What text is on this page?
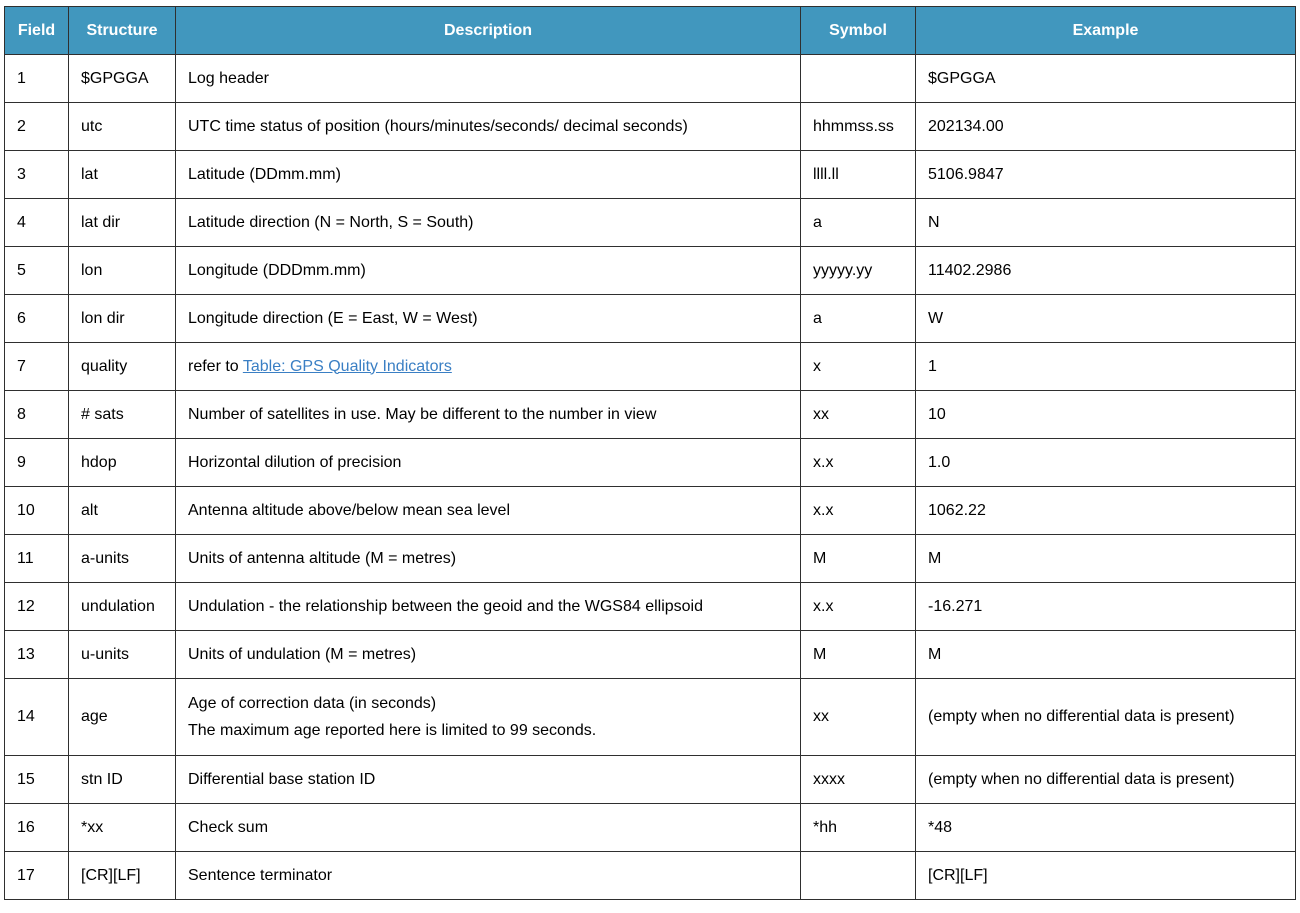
Field	Structure	Description	Symbol	Example
1	$GPGGA	Log header		$GPGGA
2	utc	UTC time status of position (hours/minutes/seconds/ decimal seconds)	hhmmss.ss	202134.00
3	lat	Latitude (DDmm.mm)	llll.ll	5106.9847
4	lat dir	Latitude direction (N = North, S = South)	a	N
5	lon	Longitude (DDDmm.mm)	yyyyy.yy	11402.2986
6	lon dir	Longitude direction (E = East, W = West)	a	W
7	quality	refer to Table: GPS Quality Indicators	x	1
8	# sats	Number of satellites in use. May be different to the number in view	xx	10
9	hdop	Horizontal dilution of precision	x.x	1.0
10	alt	Antenna altitude above/below mean sea level	x.x	1062.22
11	a-units	Units of antenna altitude (M = metres)	M	M
12	undulation	Undulation - the relationship between the geoid and the WGS84 ellipsoid	x.x	-16.271
13	u-units	Units of undulation (M = metres)	M	M
14	age	Age of correction data (in seconds)
The maximum age reported here is limited to 99 seconds.	xx	(empty when no differential data is present)
15	stn ID	Differential base station ID	xxxx	(empty when no differential data is present)
16	*xx	Check sum	*hh	*48
17	[CR][LF]	Sentence terminator		[CR][LF]
